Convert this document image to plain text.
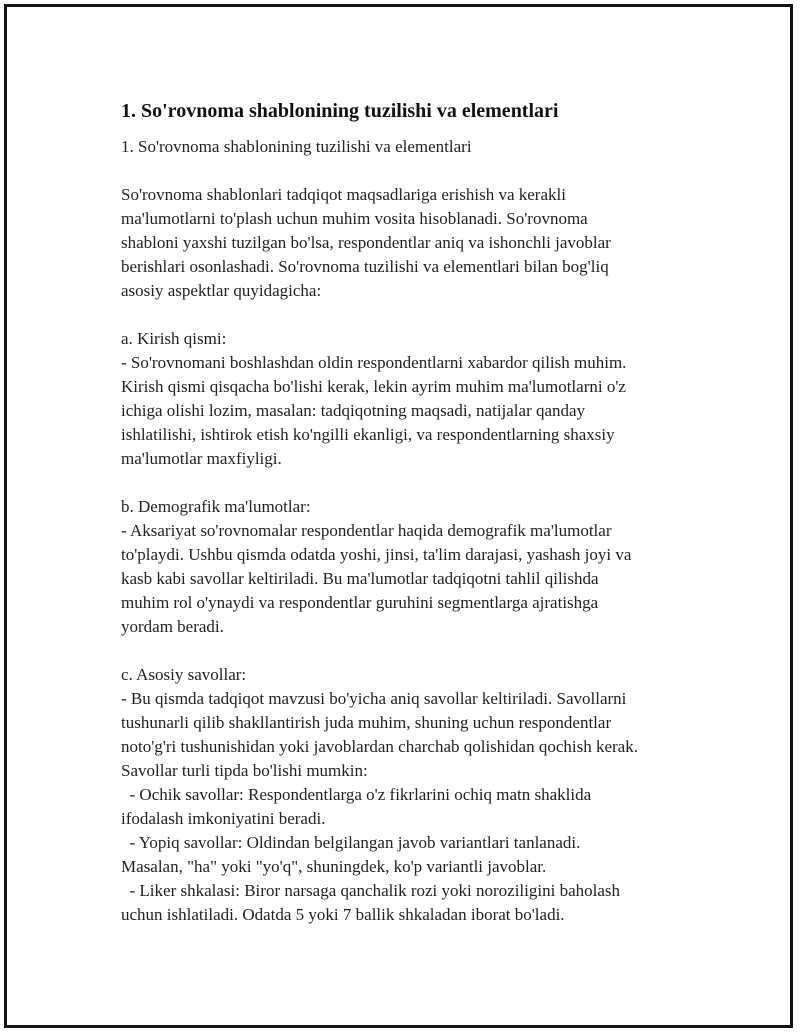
1. So'rovnoma shablonining tuzilishi va elementlari
1. So'rovnoma shablonining tuzilishi va elementlari
So'rovnoma shablonlari tadqiqot maqsadlariga erishish va kerakli
ma'lumotlarni to'plash uchun muhim vosita hisoblanadi. So'rovnoma
shabloni yaxshi tuzilgan bo'lsa, respondentlar aniq va ishonchli javoblar
berishlari osonlashadi. So'rovnoma tuzilishi va elementlari bilan bog'liq
asosiy aspektlar quyidagicha:
a. Kirish qismi:
- So'rovnomani boshlashdan oldin respondentlarni xabardor qilish muhim.
Kirish qismi qisqacha bo'lishi kerak, lekin ayrim muhim ma'lumotlarni o'z
ichiga olishi lozim, masalan: tadqiqotning maqsadi, natijalar qanday
ishlatilishi, ishtirok etish ko'ngilli ekanligi, va respondentlarning shaxsiy
ma'lumotlar maxfiyligi.
b. Demografik ma'lumotlar:
- Aksariyat so'rovnomalar respondentlar haqida demografik ma'lumotlar
to'playdi. Ushbu qismda odatda yoshi, jinsi, ta'lim darajasi, yashash joyi va
kasb kabi savollar keltiriladi. Bu ma'lumotlar tadqiqotni tahlil qilishda
muhim rol o'ynaydi va respondentlar guruhini segmentlarga ajratishga
yordam beradi.
c. Asosiy savollar:
- Bu qismda tadqiqot mavzusi bo'yicha aniq savollar keltiriladi. Savollarni
tushunarli qilib shakllantirish juda muhim, shuning uchun respondentlar
noto'g'ri tushunishidan yoki javoblardan charchab qolishidan qochish kerak.
Savollar turli tipda bo'lishi mumkin:
- Ochik savollar: Respondentlarga o'z fikrlarini ochiq matn shaklida
ifodalash imkoniyatini beradi.
- Yopiq savollar: Oldindan belgilangan javob variantlari tanlanadi.
Masalan, "ha" yoki "yo'q", shuningdek, ko'p variantli javoblar.
- Liker shkalasi: Biror narsaga qanchalik rozi yoki noroziligini baholash
uchun ishlatiladi. Odatda 5 yoki 7 ballik shkaladan iborat bo'ladi.
